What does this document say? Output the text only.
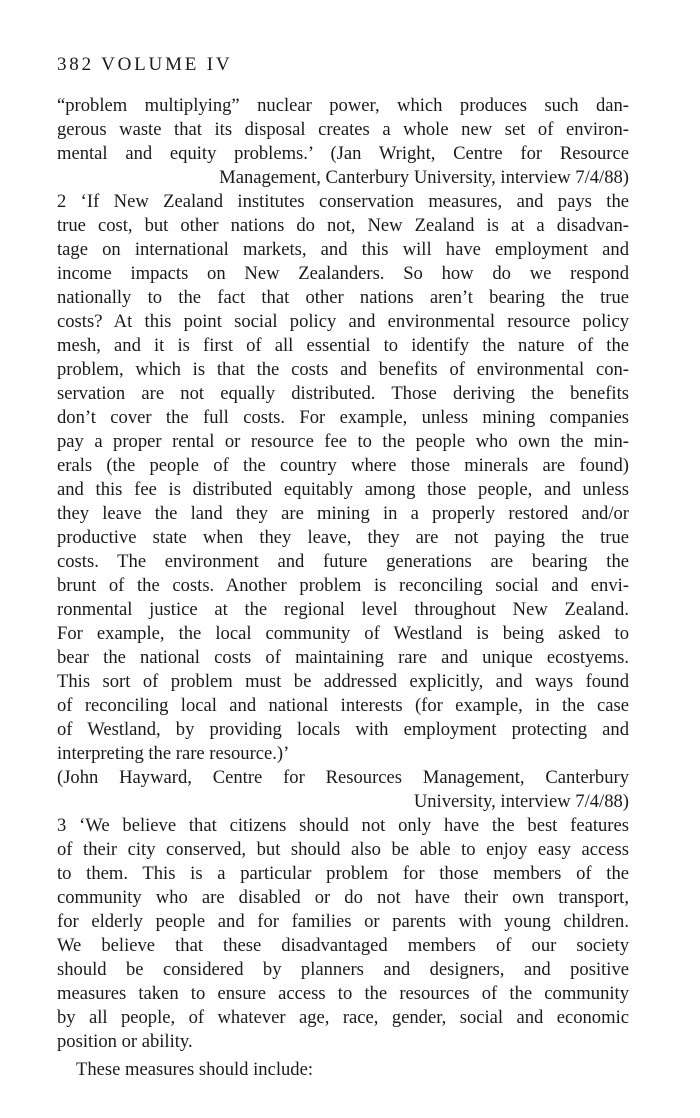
382 VOLUME IV
“problem multiplying” nuclear power, which produces such dan-
gerous waste that its disposal creates a whole new set of environ-
mental and equity problems.’ (Jan Wright, Centre for Resource
Management, Canterbury University, interview 7/4/88)
2 ‘If New Zealand institutes conservation measures, and pays the
true cost, but other nations do not, New Zealand is at a disadvan-
tage on international markets, and this will have employment and
income impacts on New Zealanders. So how do we respond
nationally to the fact that other nations aren’t bearing the true
costs? At this point social policy and environmental resource policy
mesh, and it is first of all essential to identify the nature of the
problem, which is that the costs and benefits of environmental con-
servation are not equally distributed. Those deriving the benefits
don’t cover the full costs. For example, unless mining companies
pay a proper rental or resource fee to the people who own the min-
erals (the people of the country where those minerals are found)
and this fee is distributed equitably among those people, and unless
they leave the land they are mining in a properly restored and/or
productive state when they leave, they are not paying the true
costs. The environment and future generations are bearing the
brunt of the costs. Another problem is reconciling social and envi-
ronmental justice at the regional level throughout New Zealand.
For example, the local community of Westland is being asked to
bear the national costs of maintaining rare and unique ecostyems.
This sort of problem must be addressed explicitly, and ways found
of reconciling local and national interests (for example, in the case
of Westland, by providing locals with employment protecting and
interpreting the rare resource.)’
(John Hayward, Centre for Resources Management, Canterbury
University, interview 7/4/88)
3 ‘We believe that citizens should not only have the best features
of their city conserved, but should also be able to enjoy easy access
to them. This is a particular problem for those members of the
community who are disabled or do not have their own transport,
for elderly people and for families or parents with young children.
We believe that these disadvantaged members of our society
should be considered by planners and designers, and positive
measures taken to ensure access to the resources of the community
by all people, of whatever age, race, gender, social and economic
position or ability.
These measures should include:
